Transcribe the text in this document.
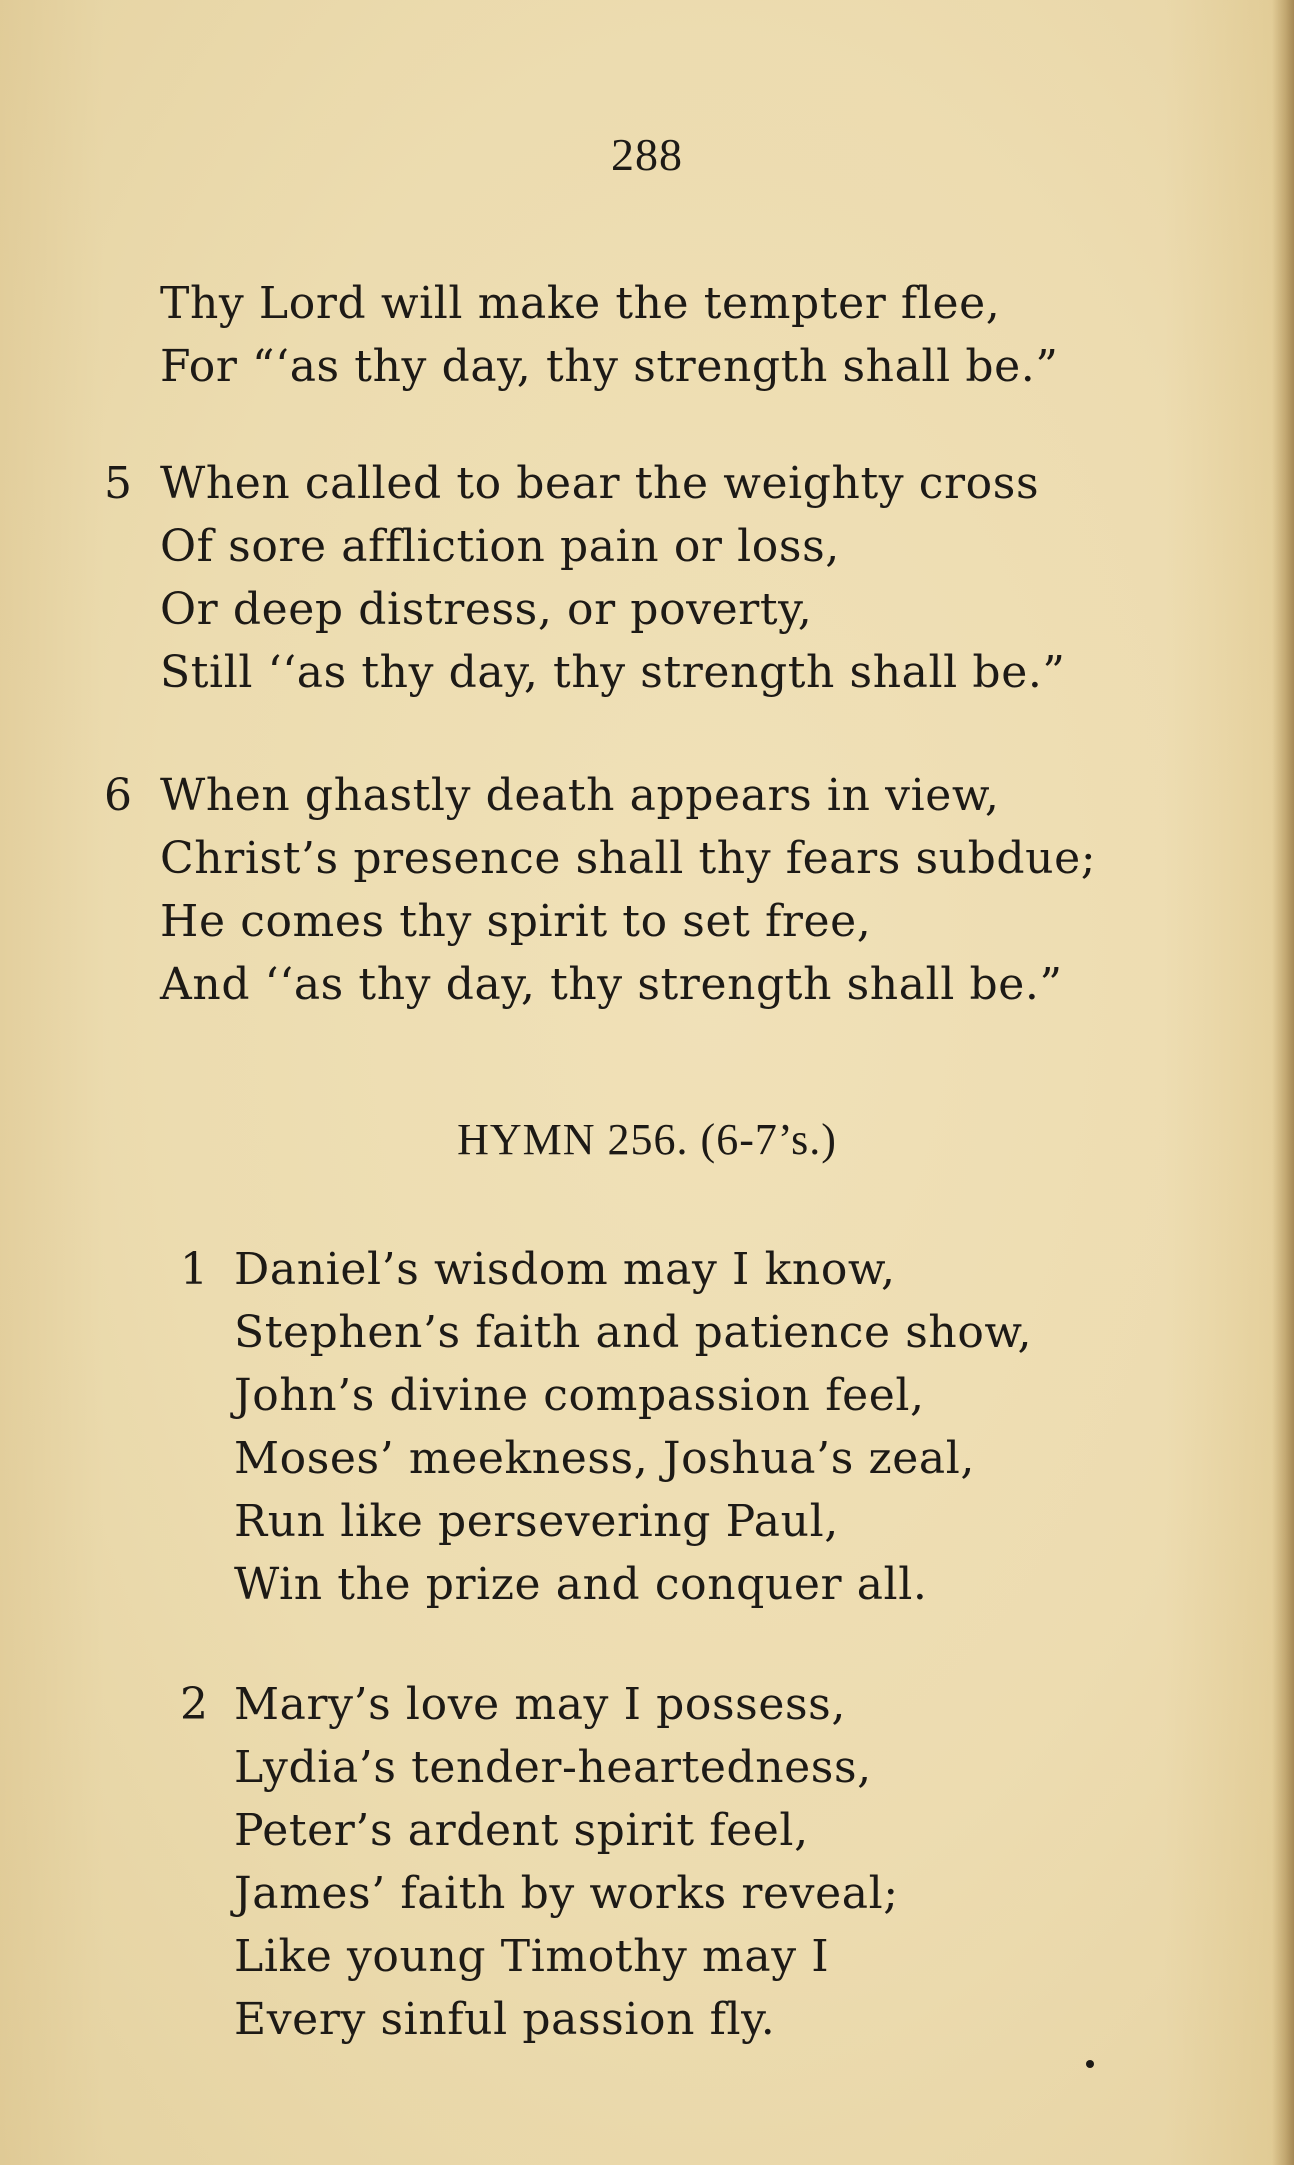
288
Thy Lord will make the tempter flee,
For “‘as thy day, thy strength shall be.”
5 When called to bear the weighty cross
Of sore affliction pain or loss,
Or deep distress, or poverty,
Still ‘‘as thy day, thy strength shall be.”
6 When ghastly death appears in view,
Christ’s presence shall thy fears subdue;
He comes thy spirit to set free,
And ‘‘as thy day, thy strength shall be.”
HYMN 256. (6-7’s.)
1 Daniel’s wisdom may I know,
Stephen’s faith and patience show,
John’s divine compassion feel,
Moses’ meekness, Joshua’s zeal,
Run like persevering Paul,
Win the prize and conquer all.
2 Mary’s love may I possess,
Lydia’s tender-heartedness,
Peter’s ardent spirit feel,
James’ faith by works reveal;
Like young Timothy may I
Every sinful passion fly.
